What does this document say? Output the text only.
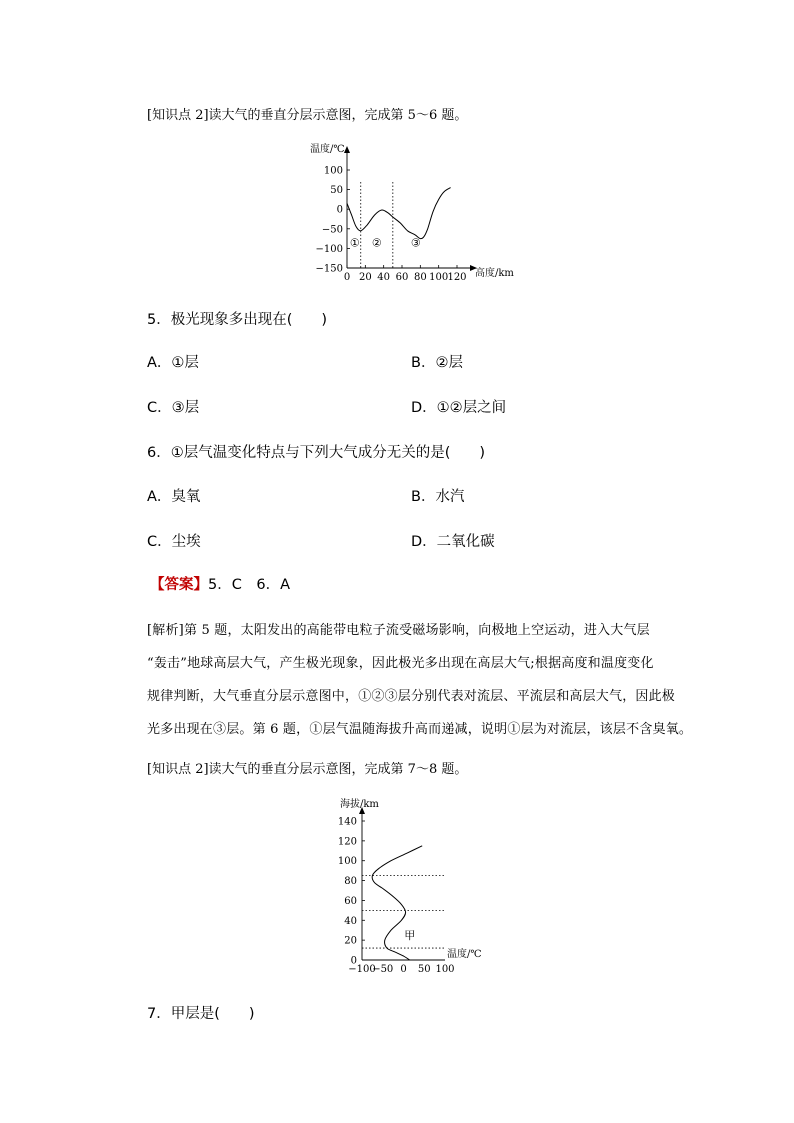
[知识点 2]读大气的垂直分层示意图，完成第 5～6 题。
温度/℃
高度/km
100
50
0
−50
−100
−150
0 20 40 60 80 100 120
① ②	③
5．极光现象多出现在(　　)
A．①层	B．②层
C．③层	D．①②层之间
6．①层气温变化特点与下列大气成分无关的是(　　)
A．臭氧	B．水汽
C．尘埃	D．二氧化碳
【答案】5．C　6．A
[解析]第 5 题，太阳发出的高能带电粒子流受磁场影响，向极地上空运动，进入大气层
“轰击”地球高层大气，产生极光现象，因此极光多出现在高层大气;根据高度和温度变化
规律判断，大气垂直分层示意图中，①②③层分别代表对流层、平流层和高层大气，因此极
光多出现在③层。第 6 题，①层气温随海拔升高而递减，说明①层为对流层，该层不含臭氧。
[知识点 2]读大气的垂直分层示意图，完成第 7～8 题。
海拔/km
温度/℃
140
120
100
80
60
40
20
0
−100
−50 0 50 100
甲
7．甲层是(　　)
